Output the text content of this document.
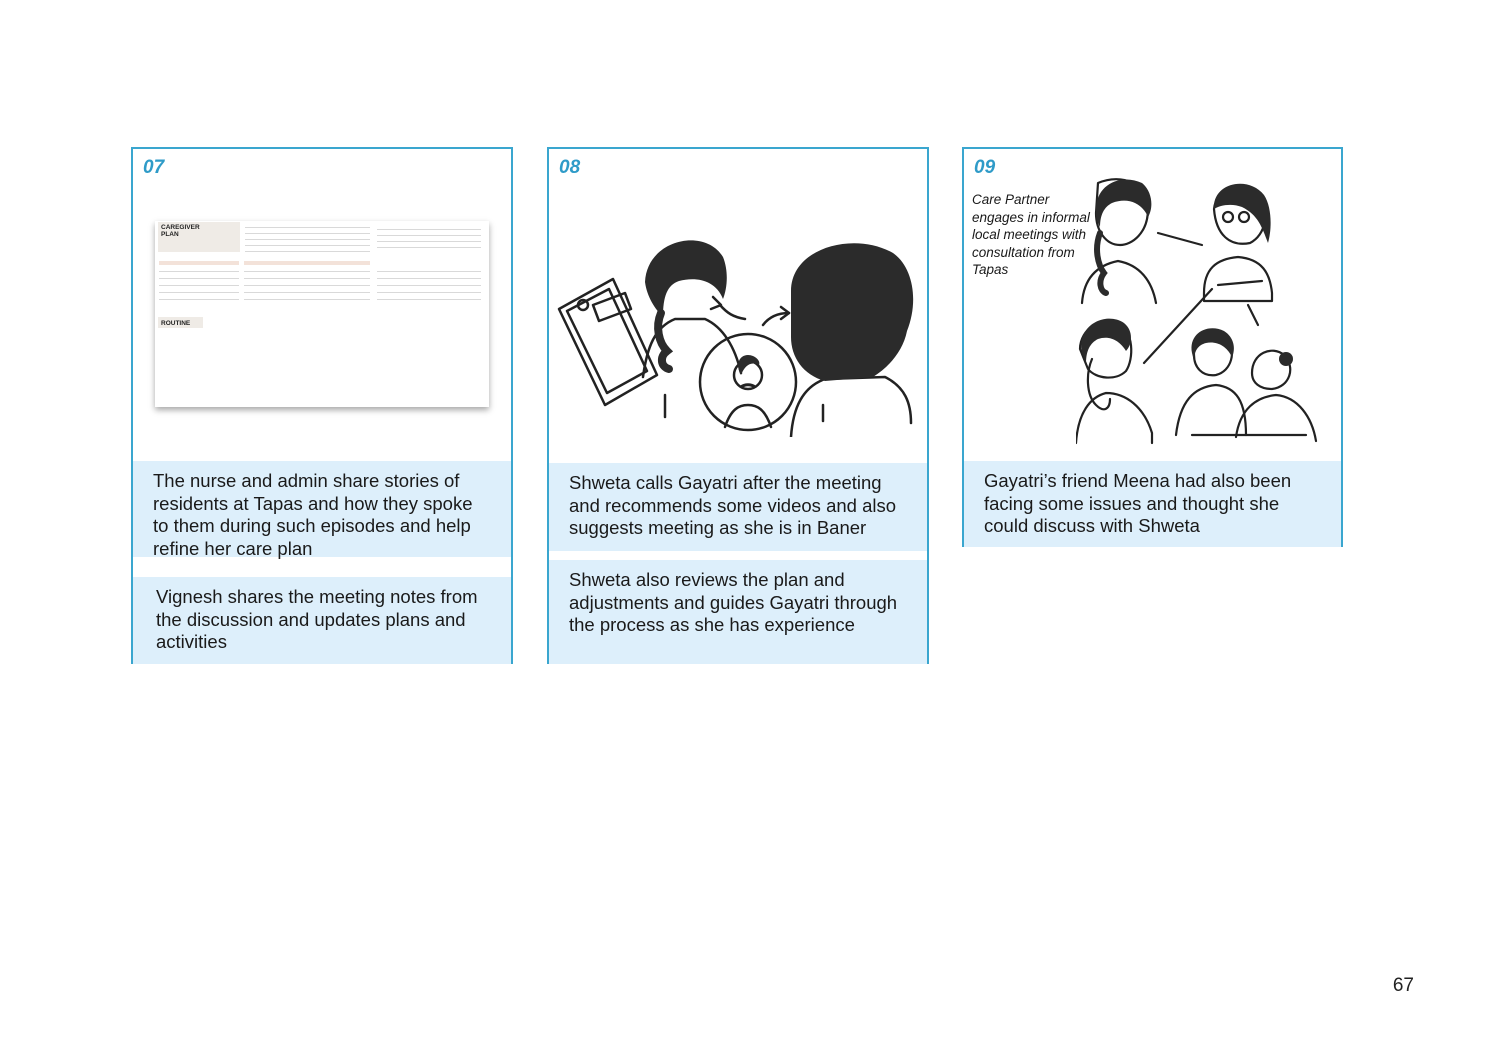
07
CAREGIVER PLAN
ROUTINE
The nurse and admin share stories of residents at Tapas and how they spoke to them during such episodes and help refine her care plan
Vignesh shares the meeting notes from the discussion and updates plans and activities
08
Shweta calls Gayatri after the meeting and recommends some videos and also suggests meeting as she is in Baner
Shweta also reviews the plan and adjustments and guides Gayatri through the process as she has experience
09
Care Partner engages in informal local meetings with consultation from Tapas
Gayatri’s friend Meena had also been facing some issues and thought she could discuss with Shweta
67
